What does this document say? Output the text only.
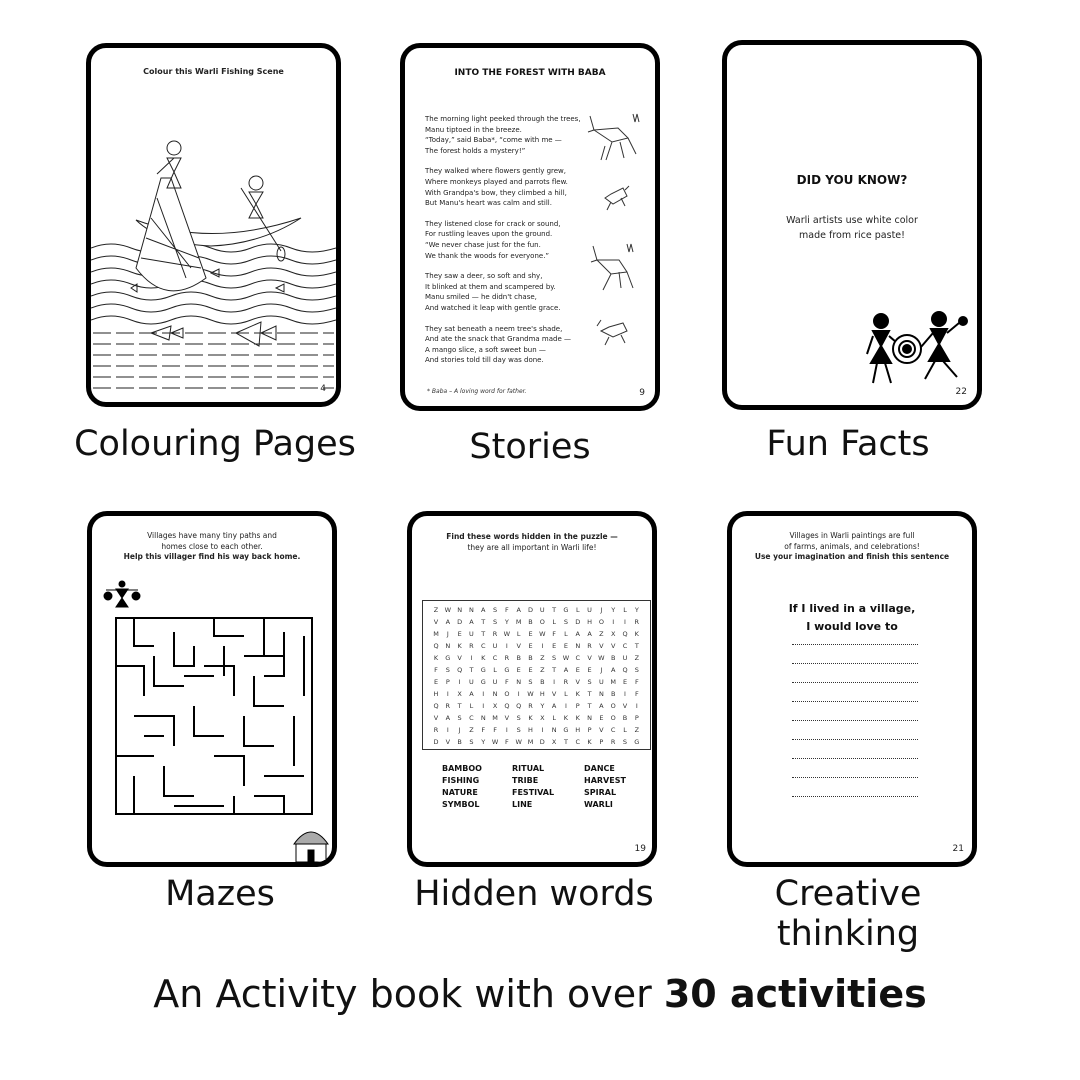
Colour this Warli Fishing Scene
4
Colouring Pages
INTO THE FOREST WITH BABA
The morning light peeked through the trees,
Manu tiptoed in the breeze.
“Today,” said Baba*, “come with me —
The forest holds a mystery!”
They walked where flowers gently grew,
Where monkeys played and parrots flew.
With Grandpa's bow, they climbed a hill,
But Manu's heart was calm and still.
They listened close for crack or sound,
For rustling leaves upon the ground.
“We never chase just for the fun.
We thank the woods for everyone.”
They saw a deer, so soft and shy,
It blinked at them and scampered by.
Manu smiled — he didn't chase,
And watched it leap with gentle grace.
They sat beneath a neem tree's shade,
And ate the snack that Grandma made —
A mango slice, a soft sweet bun —
And stories told till day was done.
* Baba – A loving word for father.	9
Stories
DID YOU KNOW?
Warli artists use white color
made from rice paste!
22
Fun Facts
Villages have many tiny paths and
homes close to each other.
Help this villager find his way back home.
Mazes
Find these words hidden in the puzzle —
they are all important in Warli life!
Z W N	N	A	S	F	A	D	U	T	G	L	U	J	Y	L	Y
V	A	D	A	T	S	Y	M	B	O	L	S	D	H	O	I	I	R
M	J	E	U	T	R W	L	E	W	F	L	A	A	Z	X	Q	K
Q	N	K	R	C	U	I	V	E	I	E	E	N	R	V	V	C	T
K	G	V	I	K	C	R	B	B	Z	S	W C	V W B	U	Z
F	S	Q	T	G	L	G	E	E	Z	T	A	E	E	J	A	Q	S
E	P	I	U	G	U	F	N	S	B	I	R	V	S	U	M	E	F
H	I	X	A	I	N	O	I	W H	V	L	K	T	N	B	I	F
Q	R	T	L	I	X	Q	Q	R	Y	A	I	P	T	A	O	V	I
V	A	S	C	N	M	V	S	K	X	L	K	K	N	E	O	B	P
R	I	J	Z	F	F	I	S	H	I	N	G	H	P	V	C	L	Z
D	V	B	S	Y	W	F	W M	D	X	T	C	K	P	R	S	G
BAMBOO	RITUAL	DANCE
FISHING	TRIBE	HARVEST
NATURE	FESTIVAL	SPIRAL
SYMBOL	LINE	WARLI
19
Hidden words
Villages in Warli paintings are full
of farms, animals, and celebrations!
Use your imagination and finish this sentence
If I lived in a village,
I would love to
21
Creative thinking
An Activity book with over 30 activities
